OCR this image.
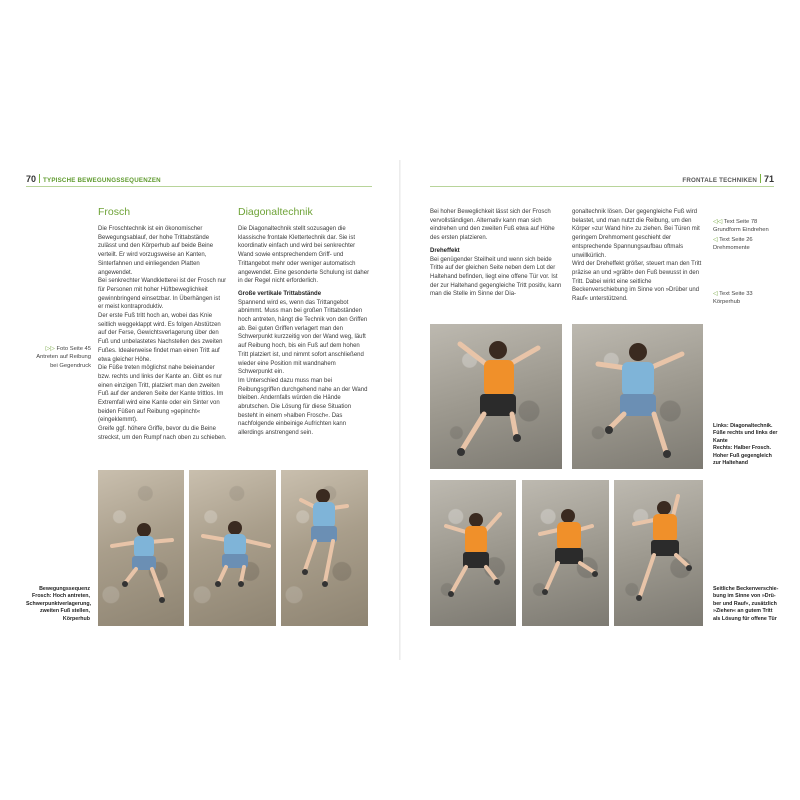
70 TYPISCHE BEWEGUNGSSEQUENZEN	FRONTALE TECHNIKEN 71
▷▷ Foto Seite 45
Antreten auf Reibung
bei Gegendruck
Frosch

Die Froschtechnik ist ein ökonomischer Bewegungsablauf, der hohe Trittabstände zulässt und den Körperhub auf beide Beine verteilt. Er wird vorzugsweise an Kanten, Sinterfahnen und einliegenden Platten angewendet.

Bei senkrechter Wandkletterei ist der Frosch nur für Personen mit hoher Hüftbeweglichkeit gewinnbringend einsetzbar. In Überhängen ist er meist kontraproduktiv.

Der erste Fuß tritt hoch an, wobei das Knie seitlich weggeklappt wird. Es folgen Abstützen auf der Ferse, Gewichtsverlagerung über den Fuß und unbelastetes Nachstellen des zweiten Fußes. Idealerweise findet man einen Tritt auf etwa gleicher Höhe.

Die Füße treten möglichst nahe beieinander bzw. rechts und links der Kante an. Gibt es nur einen einzigen Tritt, platziert man den zweiten Fuß auf der anderen Seite der Kante trittlos. Im Extremfall wird eine Kante oder ein Sinter von beiden Füßen auf Reibung »gepincht« (eingeklemmt).

Greife ggf. höhere Griffe, bevor du die Beine streckst, um den Rumpf nach oben zu schieben.

Diagonaltechnik

Die Diagonaltechnik stellt sozusagen die klassische frontale Klettertechnik dar. Sie ist koordinativ einfach und wird bei senkrechter Wand sowie entsprechendem Griff- und Trittangebot mehr oder weniger automatisch angewendet. Eine gesonderte Schulung ist daher in der Regel nicht erforderlich.

Große vertikale Trittabstände

Spannend wird es, wenn das Trittangebot abnimmt. Muss man bei großen Trittabständen hoch antreten, hängt die Technik von den Griffen ab. Bei guten Griffen verlagert man den Schwerpunkt kurzzeitig von der Wand weg, läuft auf Reibung hoch, bis ein Fuß auf dem hohen Tritt platziert ist, und nimmt sofort anschließend wieder eine Position mit wandnahem Schwerpunkt ein.

Im Unterschied dazu muss man bei Reibungsgriffen durchgehend nahe an der Wand bleiben. Andernfalls würden die Hände abrutschen. Die Lösung für diese Situation besteht in einem »halben Frosch«. Das nachfolgende einbeinige Aufrichten kann allerdings anstrengend sein.

Bewegungssequenz
Frosch: Hoch antreten,
Schwerpunktverlagerung,
zweiten Fuß stellen,
Körperhub

Bei hoher Beweglichkeit lässt sich der Frosch vervollständigen. Alternativ kann man sich eindrehen und den zweiten Fuß etwa auf Höhe des ersten platzieren.

Dreheffekt

Bei genügender Steilheit und wenn sich beide Tritte auf der gleichen Seite neben dem Lot der Haltehand befinden, liegt eine offene Tür vor. Ist der zur Haltehand gegengleiche Tritt positiv, kann man die Stelle im Sinne der Dia-

gonaltechnik lösen. Der gegengleiche Fuß wird belastet, und man nutzt die Reibung, um den Körper »zur Wand hin« zu ziehen. Bei Türen mit geringem Drehmoment geschieht der entsprechende Spannungsaufbau oftmals unwillkürlich.

Wird der Dreheffekt größer, steuert man den Tritt präzise an und »gräbt« den Fuß bewusst in den Tritt. Dabei wirkt eine seitliche Beckenverschiebung im Sinne von »Drüber und Rauf« unterstützend.

◁◁ Text Seite 78
Grundform Eindrehen
◁ Text Seite 26
Drehmomente
◁ Text Seite 33
Körperhub
Links: Diagonaltechnik.
Füße rechts und links der
Kante
Rechts: Halber Frosch.
Hoher Fuß gegengleich
zur Haltehand
Seitliche Beckenverschie-
bung im Sinne von »Drü-
ber und Rauf«, zusätzlich
»Ziehen« an gutem Tritt
als Lösung für offene Tür
